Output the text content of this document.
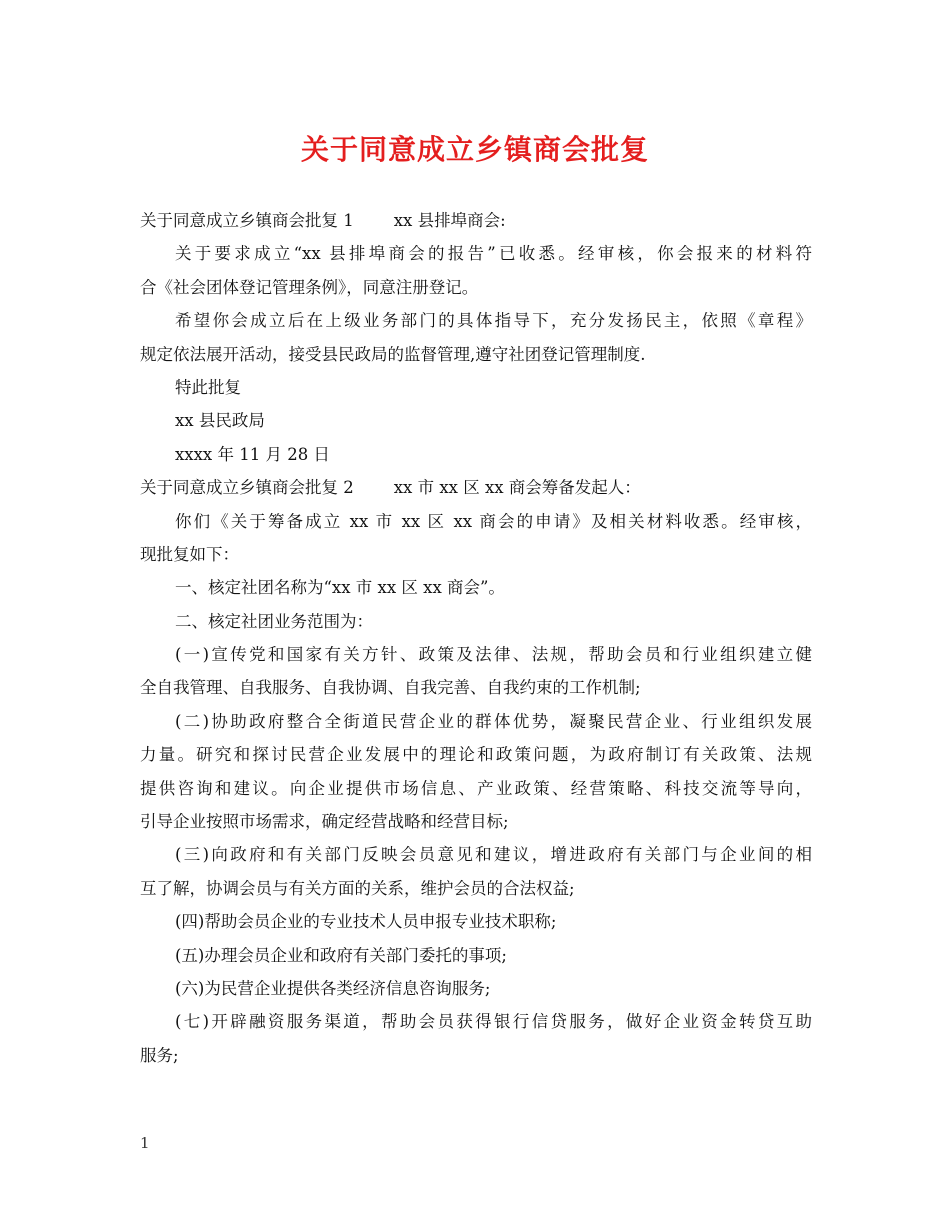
关于同意成立乡镇商会批复
关于同意成立乡镇商会批复 1 xx 县排埠商会:
关于要求成立“xx 县排埠商会的报告”已收悉。经审核，你会报来的材料符
合《社会团体登记管理条例》，同意注册登记。
希望你会成立后在上级业务部门的具体指导下，充分发扬民主，依照《章程》
规定依法展开活动，接受县民政局的监督管理,遵守社团登记管理制度.
特此批复
xx 县民政局
xxxx 年 11 月 28 日
关于同意成立乡镇商会批复 2 xx 市 xx 区 xx 商会筹备发起人：
你们《关于筹备成立 xx 市 xx 区 xx 商会的申请》及相关材料收悉。经审核，
现批复如下：
一、核定社团名称为“xx 市 xx 区 xx 商会”。
二、核定社团业务范围为：
(一)宣传党和国家有关方针、政策及法律、法规，帮助会员和行业组织建立健
全自我管理、自我服务、自我协调、自我完善、自我约束的工作机制;
(二)协助政府整合全街道民营企业的群体优势，凝聚民营企业、行业组织发展
力量。研究和探讨民营企业发展中的理论和政策问题，为政府制订有关政策、法规
提供咨询和建议。向企业提供市场信息、产业政策、经营策略、科技交流等导向，
引导企业按照市场需求，确定经营战略和经营目标;
(三)向政府和有关部门反映会员意见和建议，增进政府有关部门与企业间的相
互了解，协调会员与有关方面的关系，维护会员的合法权益;
(四)帮助会员企业的专业技术人员申报专业技术职称;
(五)办理会员企业和政府有关部门委托的事项;
(六)为民营企业提供各类经济信息咨询服务;
(七)开辟融资服务渠道，帮助会员获得银行信贷服务，做好企业资金转贷互助
服务;
1
